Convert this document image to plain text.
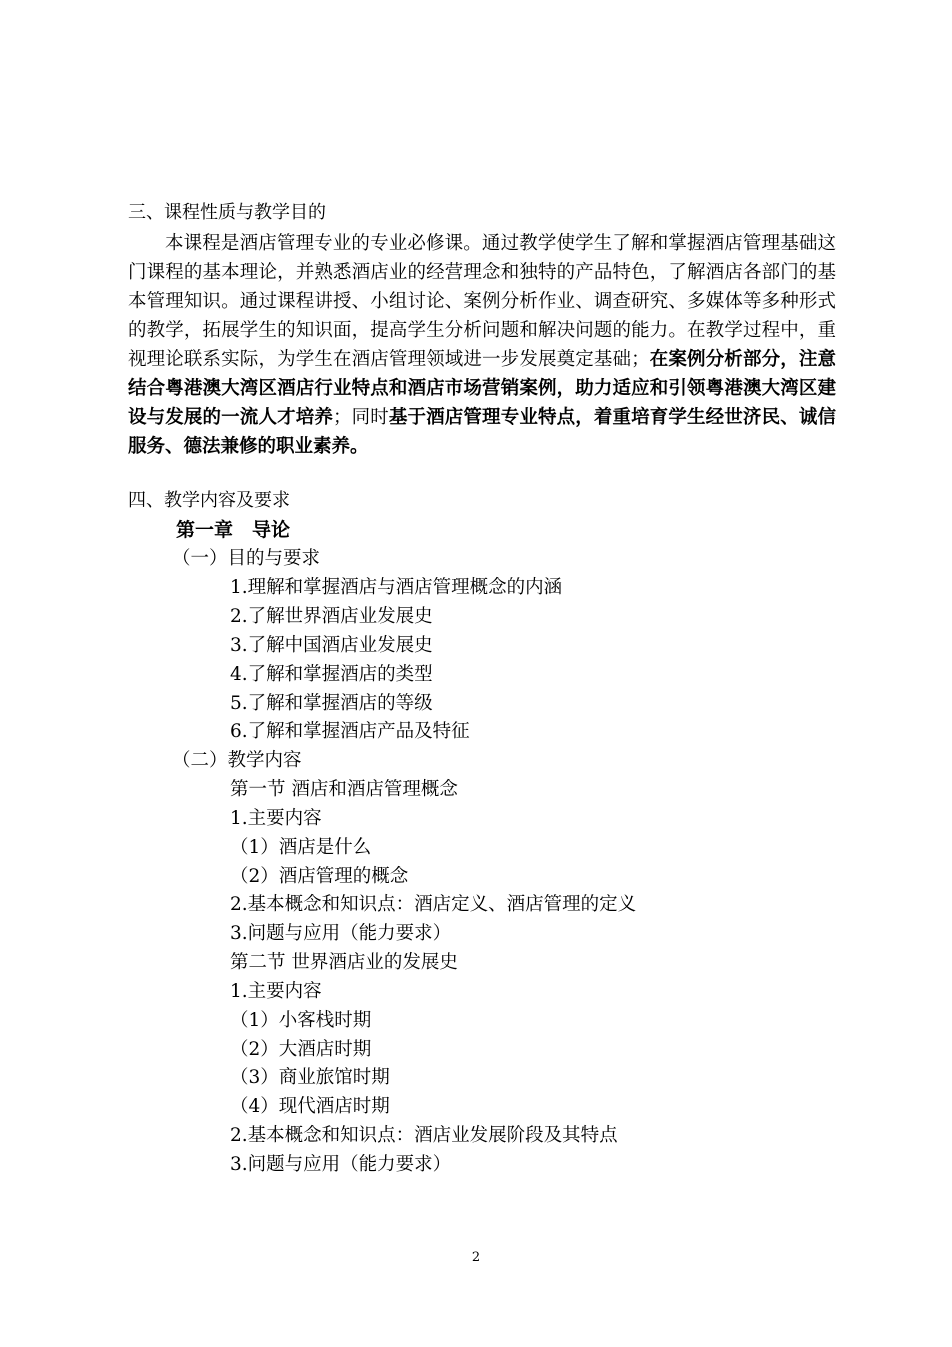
三、课程性质与教学目的
本课程是酒店管理专业的专业必修课。通过教学使学生了解和掌握酒店管理基础这门课程的基本理论，并熟悉酒店业的经营理念和独特的产品特色，了解酒店各部门的基本管理知识。通过课程讲授、小组讨论、案例分析作业、调查研究、多媒体等多种形式的教学，拓展学生的知识面，提高学生分析问题和解决问题的能力。在教学过程中，重视理论联系实际，为学生在酒店管理领域进一步发展奠定基础；在案例分析部分，注意结合粤港澳大湾区酒店行业特点和酒店市场营销案例，助力适应和引领粤港澳大湾区建设与发展的一流人才培养；同时基于酒店管理专业特点，着重培育学生经世济民、诚信服务、德法兼修的职业素养。
四、教学内容及要求
第一章　导论
（一）目的与要求
1.理解和掌握酒店与酒店管理概念的内涵
2.了解世界酒店业发展史
3.了解中国酒店业发展史
4.了解和掌握酒店的类型
5.了解和掌握酒店的等级
6.了解和掌握酒店产品及特征
（二）教学内容
第一节 酒店和酒店管理概念
1.主要内容
（1）酒店是什么
（2）酒店管理的概念
2.基本概念和知识点：酒店定义、酒店管理的定义
3.问题与应用（能力要求）
第二节 世界酒店业的发展史
1.主要内容
（1）小客栈时期
（2）大酒店时期
（3）商业旅馆时期
（4）现代酒店时期
2.基本概念和知识点：酒店业发展阶段及其特点
3.问题与应用（能力要求）
2
